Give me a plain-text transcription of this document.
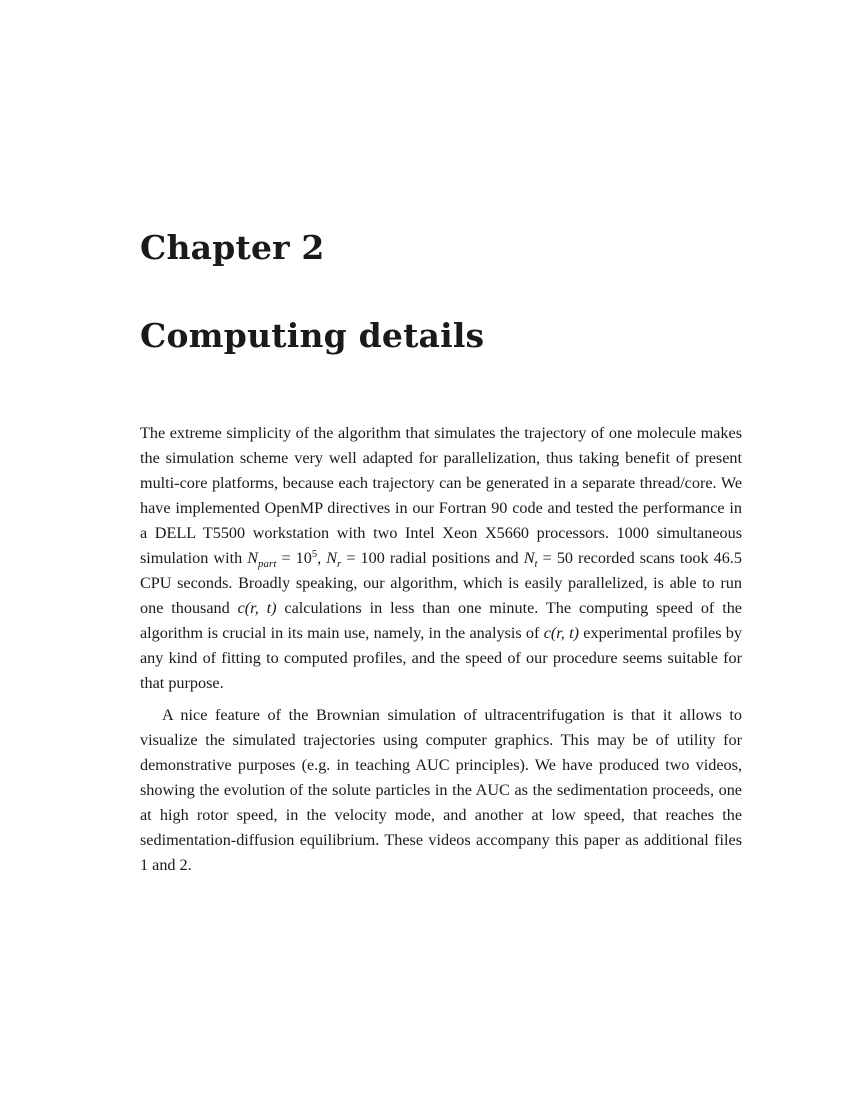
Chapter 2
Computing details

The extreme simplicity of the algorithm that simulates the trajectory of one molecule makes the simulation scheme very well adapted for parallelization, thus taking benefit of present multi-core platforms, because each trajectory can be generated in a separate thread/core. We have implemented OpenMP directives in our Fortran 90 code and tested the performance in a DELL T5500 workstation with two Intel Xeon X5660 processors. 1000 simultaneous simulation with $N_{part} = 10^5$, $N_r = 100$ radial positions and $N_t = 50$ recorded scans took 46.5 CPU seconds. Broadly speaking, our algorithm, which is easily parallelized, is able to run one thousand c(r, t) calculations in less than one minute. The computing speed of the algorithm is crucial in its main use, namely, in the analysis of c(r, t) experimental profiles by any kind of fitting to computed profiles, and the speed of our procedure seems suitable for that purpose.

A nice feature of the Brownian simulation of ultracentrifugation is that it allows to visualize the simulated trajectories using computer graphics. This may be of utility for demonstrative purposes (e.g. in teaching AUC principles). We have produced two videos, showing the evolution of the solute particles in the AUC as the sedimentation proceeds, one at high rotor speed, in the velocity mode, and another at low speed, that reaches the sedimentation-diffusion equilibrium. These videos accompany this paper as additional files 1 and 2.
